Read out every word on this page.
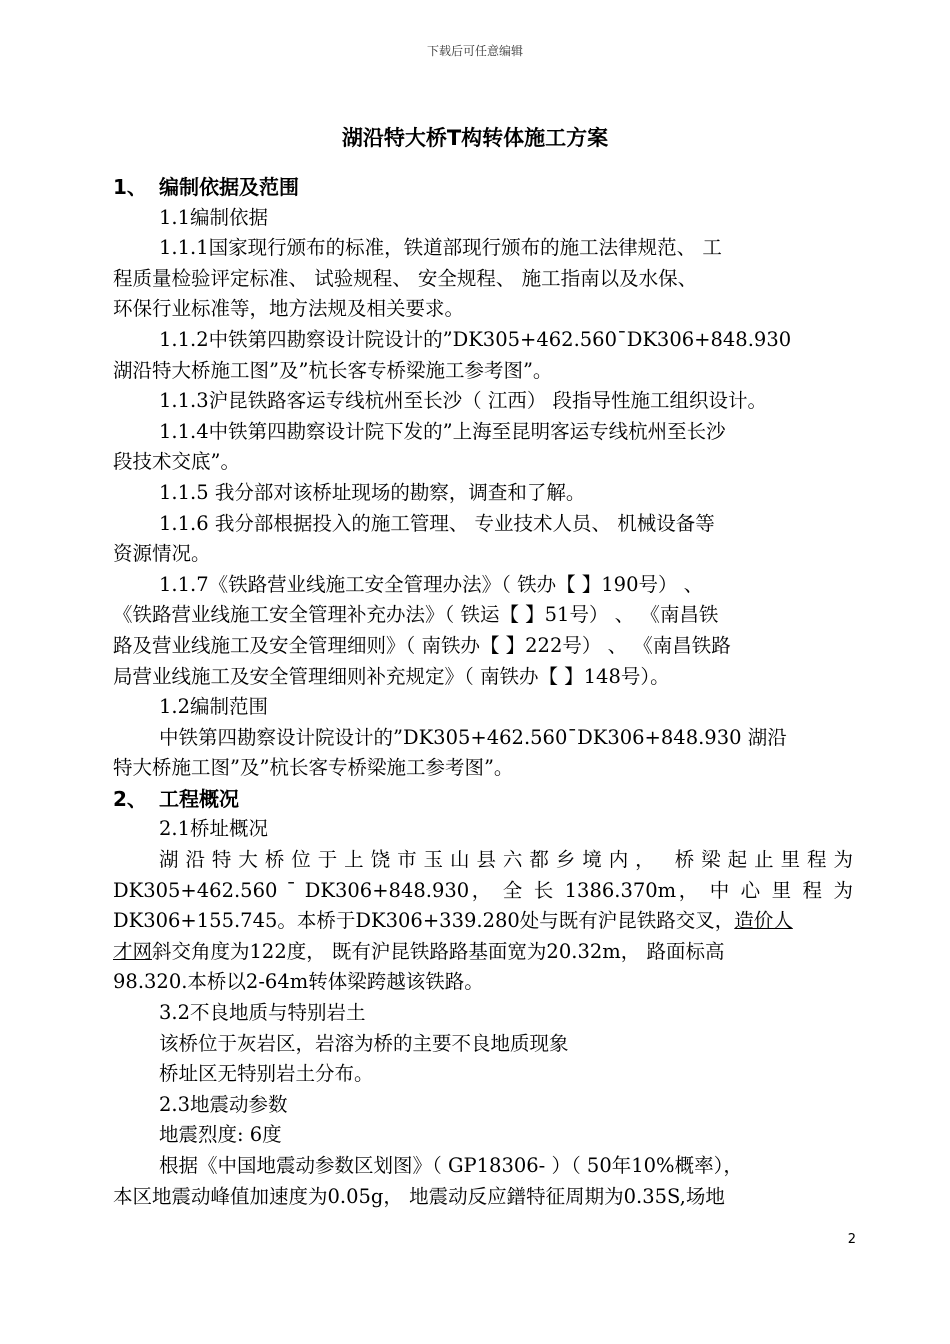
下载后可任意编辑
湖沿特大桥T构转体施工方案
1、 编制依据及范围
1.1编制依据
1.1.1国家现行颁布的标准，铁道部现行颁布的施工法律规范、 工
程质量检验评定标准、 试验规程、 安全规程、 施工指南以及水保、
环保行业标准等，地方法规及相关要求。
1.1.2中铁第四勘察设计院设计的”DK305+462.560¯DK306+848.930
湖沿特大桥施工图”及”杭长客专桥梁施工参考图”。
1.1.3沪昆铁路客运专线杭州至长沙（ 江西） 段指导性施工组织设计。
1.1.4中铁第四勘察设计院下发的”上海至昆明客运专线杭州至长沙
段技术交底”。
1.1.5 我分部对该桥址现场的勘察，调查和了解。
1.1.6 我分部根据投入的施工管理、 专业技术人员、 机械设备等
资源情况。
1.1.7《铁路营业线施工安全管理办法》（ 铁办【 】190号） 、
《铁路营业线施工安全管理补充办法》（ 铁运【 】51号） 、 《南昌铁
路及营业线施工及安全管理细则》（ 南铁办【 】222号） 、 《南昌铁路
局营业线施工及安全管理细则补充规定》（ 南铁办【 】148号）。
1.2编制范围
中铁第四勘察设计院设计的”DK305+462.560¯DK306+848.930 湖沿
特大桥施工图”及”杭长客专桥梁施工参考图”。
2、 工程概况
2.1桥址概况
湖沿特大桥位于上饶市玉山县六都乡境内， 桥梁起止里程为
DK305+462.560 ¯ DK306+848.930， 全 长 1386.370m， 中 心 里 程 为
DK306+155.745。本桥于DK306+339.280处与既有沪昆铁路交叉，造价人
才网斜交角度为122度， 既有沪昆铁路路基面宽为20.32m， 路面标高
98.320.本桥以2-64m转体梁跨越该铁路。
3.2不良地质与特别岩土
该桥位于灰岩区，岩溶为桥的主要不良地质现象
桥址区无特别岩土分布。
2.3地震动参数
地震烈度: 6度
根据《中国地震动参数区划图》（ GP18306- ）（ 50年10%概率），
本区地震动峰值加速度为0.05g， 地震动反应鐠特征周期为0.35S,场地
2
